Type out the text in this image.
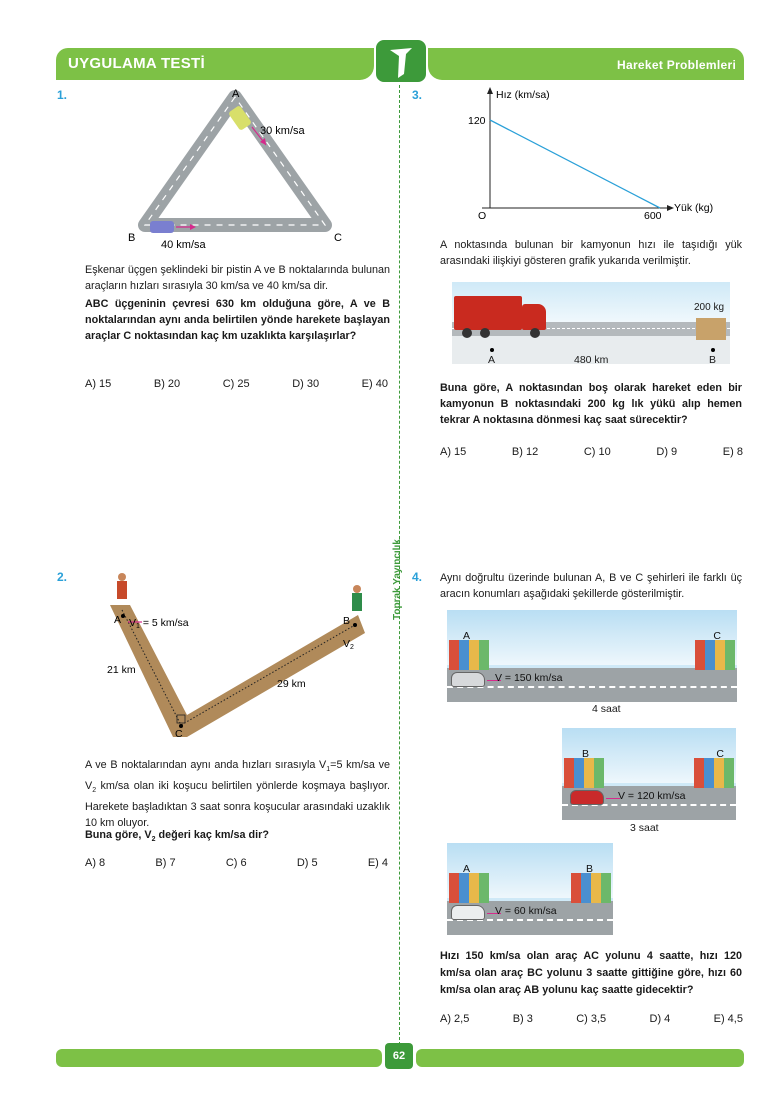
UYGULAMA TESTİ	Hareket Problemleri
Toprak Yayıncılık
1.	A
B	C
30 km/sa
40 km/sa
Eşkenar üçgen şeklindeki bir pistin A ve B noktalarında bulunan araçların hızları sırasıyla 30 km/sa ve 40 km/sa dir.
ABC üçgeninin çevresi 630 km olduğuna göre, A ve B noktalarından aynı anda belirtilen yönde harekete başlayan araçlar C noktasından kaç km uzaklıkta karşılaşırlar?
A) 15	B) 20	C) 25	D) 30	E) 40
3.	Hız (km/sa)
Yük (kg)
120
600
O
A noktasında bulunan bir kamyonun hızı ile taşıdığı yük arasındaki ilişkiyi gösteren grafik yukarıda verilmiştir.
200 kg
A	B
480 km
Buna göre, A noktasından boş olarak hareket eden bir kamyonun B noktasındaki 200 kg lık yükü alıp hemen tekrar A noktasına dönmesi kaç saat sürecektir?
A) 15	B) 12	C) 10	D) 9	E) 8
2.
A	B
C
V1 = 5 km/sa
V2
21 km
29 km
A ve B noktalarından aynı anda hızları sırasıyla $V_1=5$ km/sa ve $V_2$ km/sa olan iki koşucu belirtilen yönlerde koşmaya başlıyor. Harekete başladıktan 3 saat sonra koşucular arasındaki uzaklık 10 km oluyor.
Buna göre, $V_2$ değeri kaç km/sa dir?
A) 8	B) 7	C) 6	D) 5	E) 4
4. Aynı doğrultu üzerinde bulunan A, B ve C şehirleri ile farklı üç aracın konumları aşağıdaki şekillerde gösterilmiştir.
A	C
V = 150 km/sa
4 saat
B	C
V = 120 km/sa
3 saat
A	B
V = 60 km/sa
Hızı 150 km/sa olan araç AC yolunu 4 saatte, hızı 120 km/sa olan araç BC yolunu 3 saatte gittiğine göre, hızı 60 km/sa olan araç AB yolunu kaç saatte gidecektir?
A) 2,5	B) 3	C) 3,5	D) 4	E) 4,5
62
